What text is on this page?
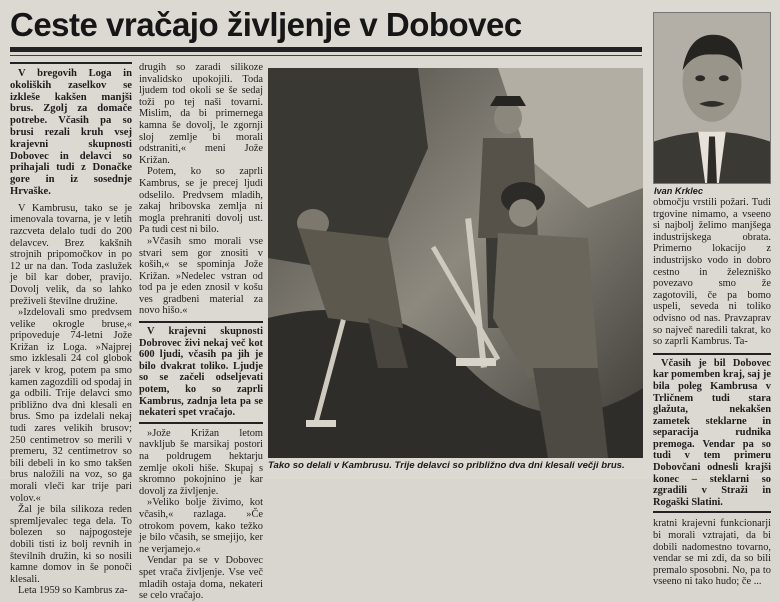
Ceste vračajo življenje v Dobovec

V bregovih Loga in okoliških zaselkov se izkleše kakšen manjši brus. Zgolj za domače potrebe. Včasih pa so brusi rezali kruh vsej krajevni skupnosti Dobovec in delavci so prihajali tudi z Donačke gore in iz sosednje Hrvaške.

V Kambrusu, tako se je imenovala tovarna, je v letih razcveta delalo tudi do 200 delavcev. Brez kakšnih strojnih pripomočkov in po 12 ur na dan. Toda zaslužek je bil kar dober, pravijo. Dovolj velik, da so lahko preživeli številne družine.

»Izdelovali smo predvsem velike okrogle bruse,« pripoveduje 74-letni Jože Križan iz Loga. »Najprej smo izklesali 24 col globok jarek v krog, potem pa smo kamen zagozdili od spodaj in ga odbili. Trije delavci smo približno dva dni klesali en brus. Smo pa izdelali nekaj tudi zares velikih brusov; 250 centimetrov so merili v premeru, 32 centimetrov so bili debeli in ko smo takšen brus naložili na voz, so ga morali vleči kar trije pari volov.«

Žal je bila silikoza reden spremljevalec tega dela. To bolezen so najpogosteje dobili tisti iz bolj revnih in številnih družin, ki so nosili kamne domov in še ponoči klesali.

Leta 1959 so Kambrus za-

drugih so zaradi silikoze invalidsko upokojili. Toda ljudem tod okoli se še sedaj toži po tej naši tovarni. Mislim, da bi primernega kamna še dovolj, le zgornji sloj zemlje bi morali odstraniti,« meni Jože Križan.

Potem, ko so zaprli Kambrus, se je precej ljudi odselilo. Predvsem mladih, zakaj hribovska zemlja ni mogla prehraniti dovolj ust. Pa tudi cest ni bilo.

»Včasih smo morali vse stvari sem gor znositi v koših,« se spominja Jože Križan. »Nedelec vstran od tod pa je eden znosil v košu ves gradbeni material za novo hišo.«

V krajevni skupnosti Dobrovec živi nekaj več kot 600 ljudi, včasih pa jih je bilo dvakrat toliko. Ljudje so se začeli odseljevati potem, ko so zaprli Kambrus, zadnja leta pa se nekateri spet vračajo.

»Jože Križan letom navkljub še marsikaj postori na poldrugem hektarju zemlje okoli hiše. Skupaj s skromno pokojnino je kar dovolj za življenje.

»Veliko bolje živimo, kot včasih,« razlaga. »Če otrokom povem, kako težko je bilo včasih, se smejijo, ker ne verjamejo.«

Vendar pa se v Dobovec spet vrača življenje. Vse več mladih ostaja doma, nekateri se celo vračajo.

Tako so delali v Kambrusu. Trije delavci so približno dva dni klesali večji brus.
Ivan Krklec

območju vrstili požari. Tudi trgovine nimamo, a vseeno si najbolj želimo manjšega industrijskega obrata. Primerno lokacijo z industrijsko vodo in dobro cestno in železniško povezavo smo že zagotovili, če pa bomo uspeli, seveda ni toliko odvisno od nas. Pravzaprav so največ naredili takrat, ko so zaprli Kambrus. Ta-

Včasih je bil Dobovec kar pomemben kraj, saj je bila poleg Kambrusa v Trličnem tudi stara glažuta, nekakšen zametek steklarne in separacija rudnika premoga. Vendar pa so tudi v tem primeru Dobovčani odnesli krajši konec – steklarni so zgradili v Straži in Rogaški Slatini.

kratni krajevni funkcionarji bi morali vztrajati, da bi dobili nadomestno tovarno, vendar se mi zdi, da so bili premalo sposobni. No, pa to vseeno ni tako hudo; če ...
